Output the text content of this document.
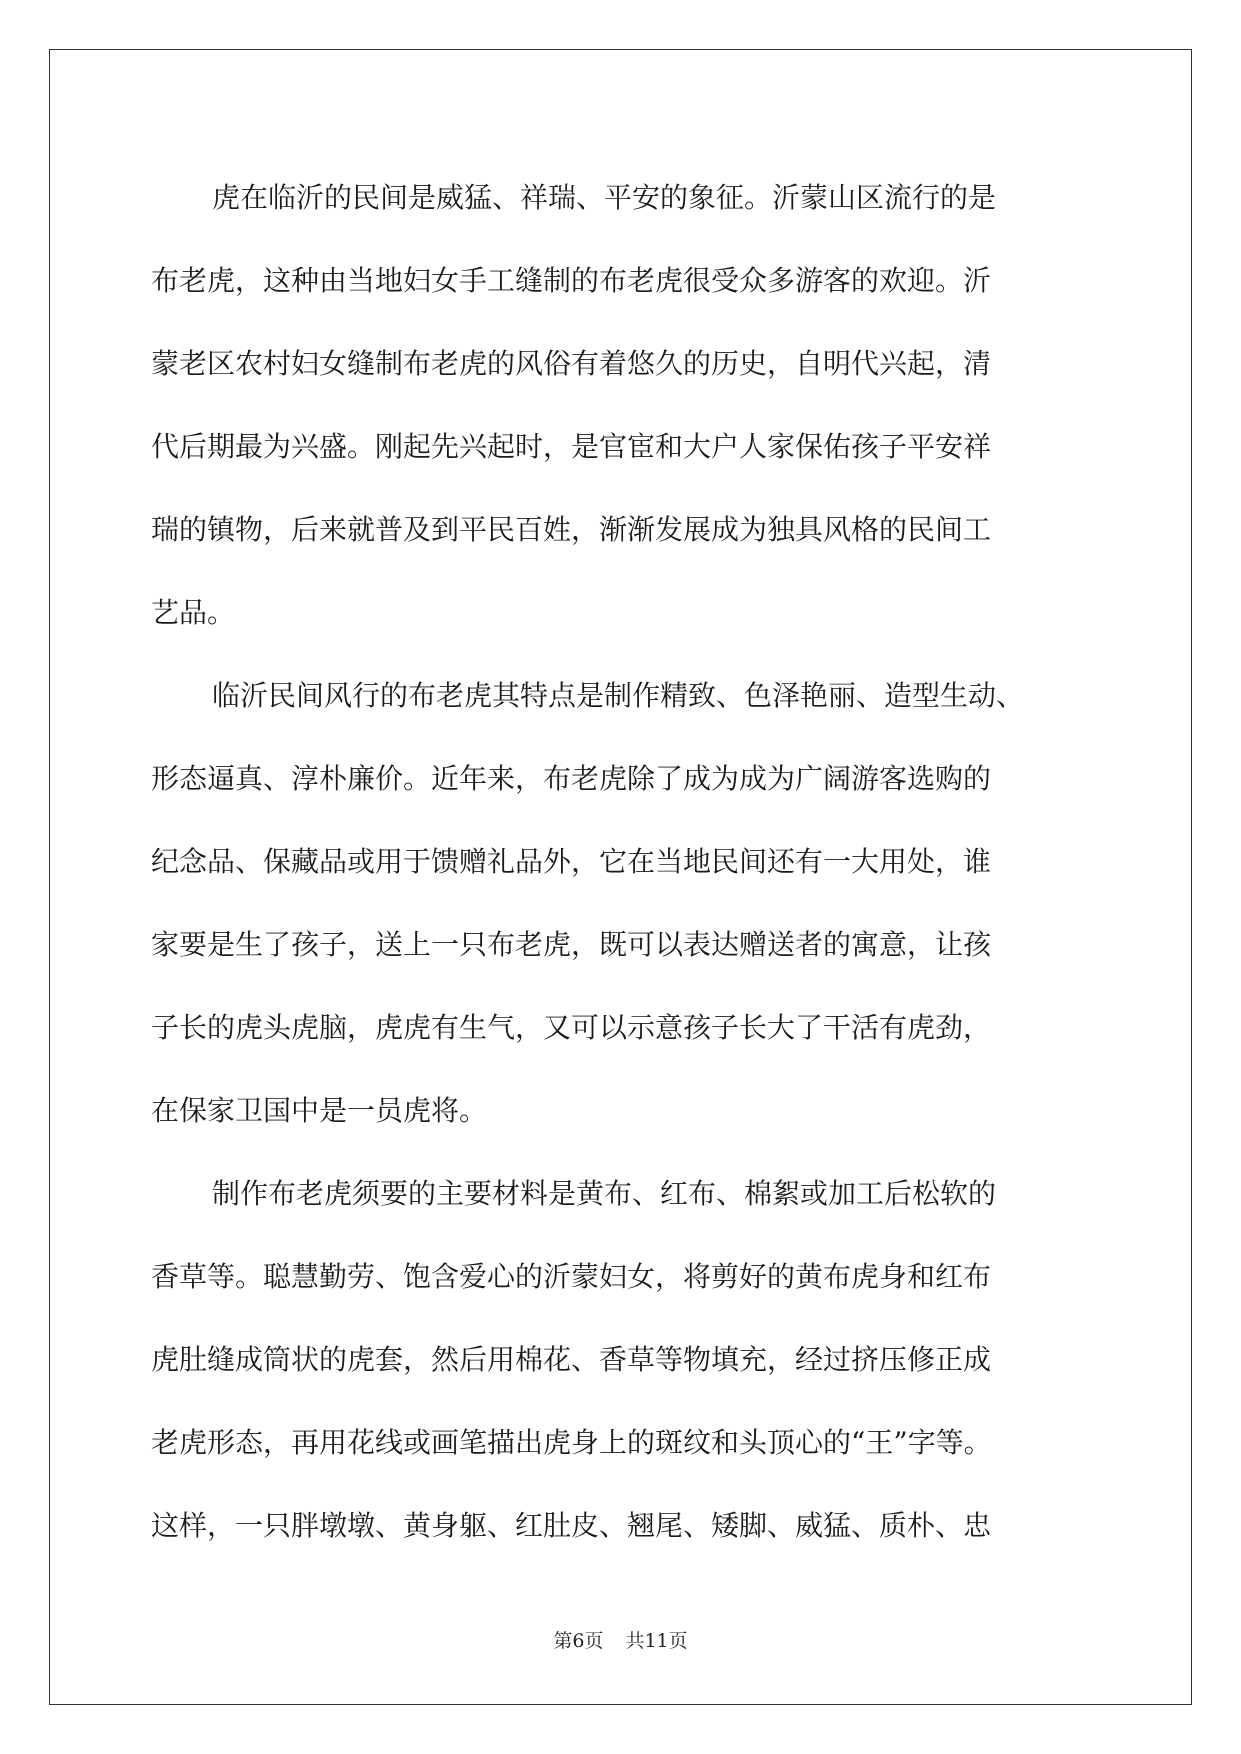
虎在临沂的民间是威猛、祥瑞、平安的象征。沂蒙山区流行的是
布老虎，这种由当地妇女手工缝制的布老虎很受众多游客的欢迎。沂
蒙老区农村妇女缝制布老虎的风俗有着悠久的历史，自明代兴起，清
代后期最为兴盛。刚起先兴起时，是官宦和大户人家保佑孩子平安祥
瑞的镇物，后来就普及到平民百姓，渐渐发展成为独具风格的民间工
艺品。
临沂民间风行的布老虎其特点是制作精致、色泽艳丽、造型生动、
形态逼真、淳朴廉价。近年来，布老虎除了成为成为广阔游客选购的
纪念品、保藏品或用于馈赠礼品外，它在当地民间还有一大用处，谁
家要是生了孩子，送上一只布老虎，既可以表达赠送者的寓意，让孩
子长的虎头虎脑，虎虎有生气，又可以示意孩子长大了干活有虎劲，
在保家卫国中是一员虎将。
制作布老虎须要的主要材料是黄布、红布、棉絮或加工后松软的
香草等。聪慧勤劳、饱含爱心的沂蒙妇女，将剪好的黄布虎身和红布
虎肚缝成筒状的虎套，然后用棉花、香草等物填充，经过挤压修正成
老虎形态，再用花线或画笔描出虎身上的斑纹和头顶心的“王”字等。
这样，一只胖墩墩、黄身躯、红肚皮、翘尾、矮脚、威猛、质朴、忠
第6页 共11页
